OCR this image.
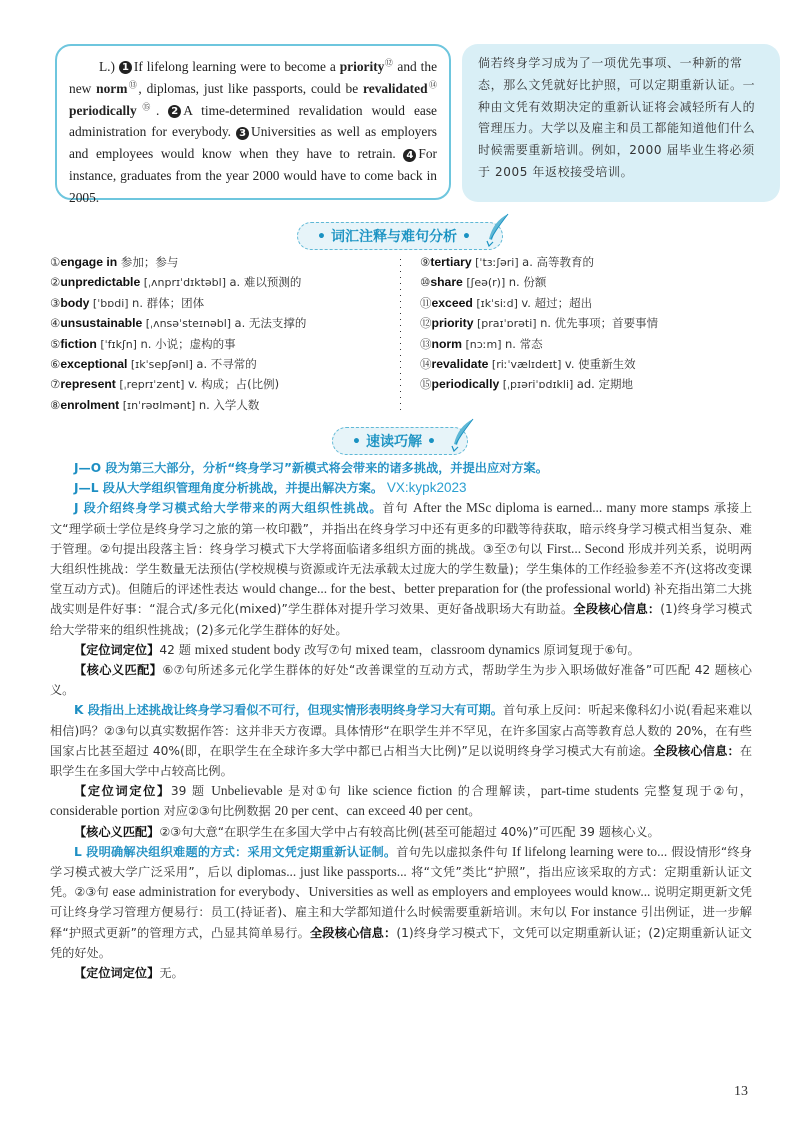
L.) 1 If lifelong learning were to become a priority⑫ and the new norm⑬, diplomas, just like passports, could be revalidated⑭ periodically⑮. 2 A time-determined revalidation would ease administration for everybody. 3 Universities as well as employers and employees would know when they have to retrain. 4 For instance, graduates from the year 2000 would have to come back in 2005.
倘若终身学习成为了一项优先事项、一种新的常态，那么文凭就好比护照，可以定期重新认证。一种由文凭有效期决定的重新认证将会减轻所有人的管理压力。大学以及雇主和员工都能知道他们什么时候需要重新培训。例如，2000 届毕业生将必须于 2005 年返校接受培训。
• 词汇注释与难句分析 •
①engage in 参加；参与
②unpredictable [ˌʌnprɪˈdɪktəbl] a. 难以预测的
③body [ˈbɒdi] n. 群体；团体
④unsustainable [ˌʌnsəˈsteɪnəbl] a. 无法支撑的
⑤fiction [ˈfɪkʃn] n. 小说；虚构的事
⑥exceptional [ɪkˈsepʃənl] a. 不寻常的
⑦represent [ˌreprɪˈzent] v. 构成；占(比例)
⑧enrolment [ɪnˈrəʊlmənt] n. 入学人数
⑨tertiary [ˈtɜːʃəri] a. 高等教育的
⑩share [ʃeə(r)] n. 份额
⑪exceed [ɪkˈsiːd] v. 超过；超出
⑫priority [praɪˈɒrəti] n. 优先事项；首要事情
⑬norm [nɔːm] n. 常态
⑭revalidate [riːˈvælɪdeɪt] v. 使重新生效
⑮periodically [ˌpɪəriˈɒdɪkli] ad. 定期地
• 速读巧解 •

J—O 段为第三大部分，分析“终身学习”新模式将会带来的诸多挑战，并提出应对方案。

J—L 段从大学组织管理角度分析挑战，并提出解决方案。 VX:kypk2023

J 段介绍终身学习模式给大学带来的两大组织性挑战。首句 After the MSc diploma is earned... many more stamps 承接上文“理学硕士学位是终身学习之旅的第一枚印戳”，并指出在终身学习中还有更多的印戳等待获取，暗示终身学习模式相当复杂、难于管理。②句提出段落主旨：终身学习模式下大学将面临诸多组织方面的挑战。③至⑦句以 First... Second 形成并列关系，说明两大组织性挑战：学生数量无法预估(学校规模与资源或许无法承载太过庞大的学生数量)；学生集体的工作经验参差不齐(这将改变课堂互动方式)。但随后的评述性表达 would change... for the best、better preparation for (the professional world) 补充指出第二大挑战实则是件好事：“混合式/多元化(mixed)”学生群体对提升学习效果、更好备战职场大有助益。全段核心信息：(1)终身学习模式给大学带来的组织性挑战；(2)多元化学生群体的好处。

【定位词定位】42 题 mixed student body 改写⑦句 mixed team，classroom dynamics 原词复现于⑥句。

【核心义匹配】⑥⑦句所述多元化学生群体的好处“改善课堂的互动方式，帮助学生为步入职场做好准备”可匹配 42 题核心义。

K 段指出上述挑战让终身学习看似不可行，但现实情形表明终身学习大有可期。首句承上反问：听起来像科幻小说(看起来难以相信)吗？②③句以真实数据作答：这并非天方夜谭。具体情形“在职学生并不罕见，在许多国家占高等教育总人数的 20%，在有些国家占比甚至超过 40%(即，在职学生在全球许多大学中都已占相当大比例)”足以说明终身学习模式大有前途。全段核心信息：在职学生在多国大学中占较高比例。

【定位词定位】39 题 Unbelievable 是对①句 like science fiction 的合理解读，part-time students 完整复现于②句，considerable portion 对应②③句比例数据 20 per cent、can exceed 40 per cent。

【核心义匹配】②③句大意“在职学生在多国大学中占有较高比例(甚至可能超过 40%)”可匹配 39 题核心义。

L 段明确解决组织难题的方式：采用文凭定期重新认证制。首句先以虚拟条件句 If lifelong learning were to... 假设情形“终身学习模式被大学广泛采用”，后以 diplomas... just like passports... 将“文凭”类比“护照”，指出应该采取的方式：定期重新认证文凭。②③句 ease administration for everybody、Universities as well as employers and employees would know... 说明定期更新文凭可让终身学习管理方便易行：员工(持证者)、雇主和大学都知道什么时候需要重新培训。末句以 For instance 引出例证，进一步解释“护照式更新”的管理方式，凸显其简单易行。全段核心信息：(1)终身学习模式下，文凭可以定期重新认证；(2)定期重新认证文凭的好处。

【定位词定位】无。

13
